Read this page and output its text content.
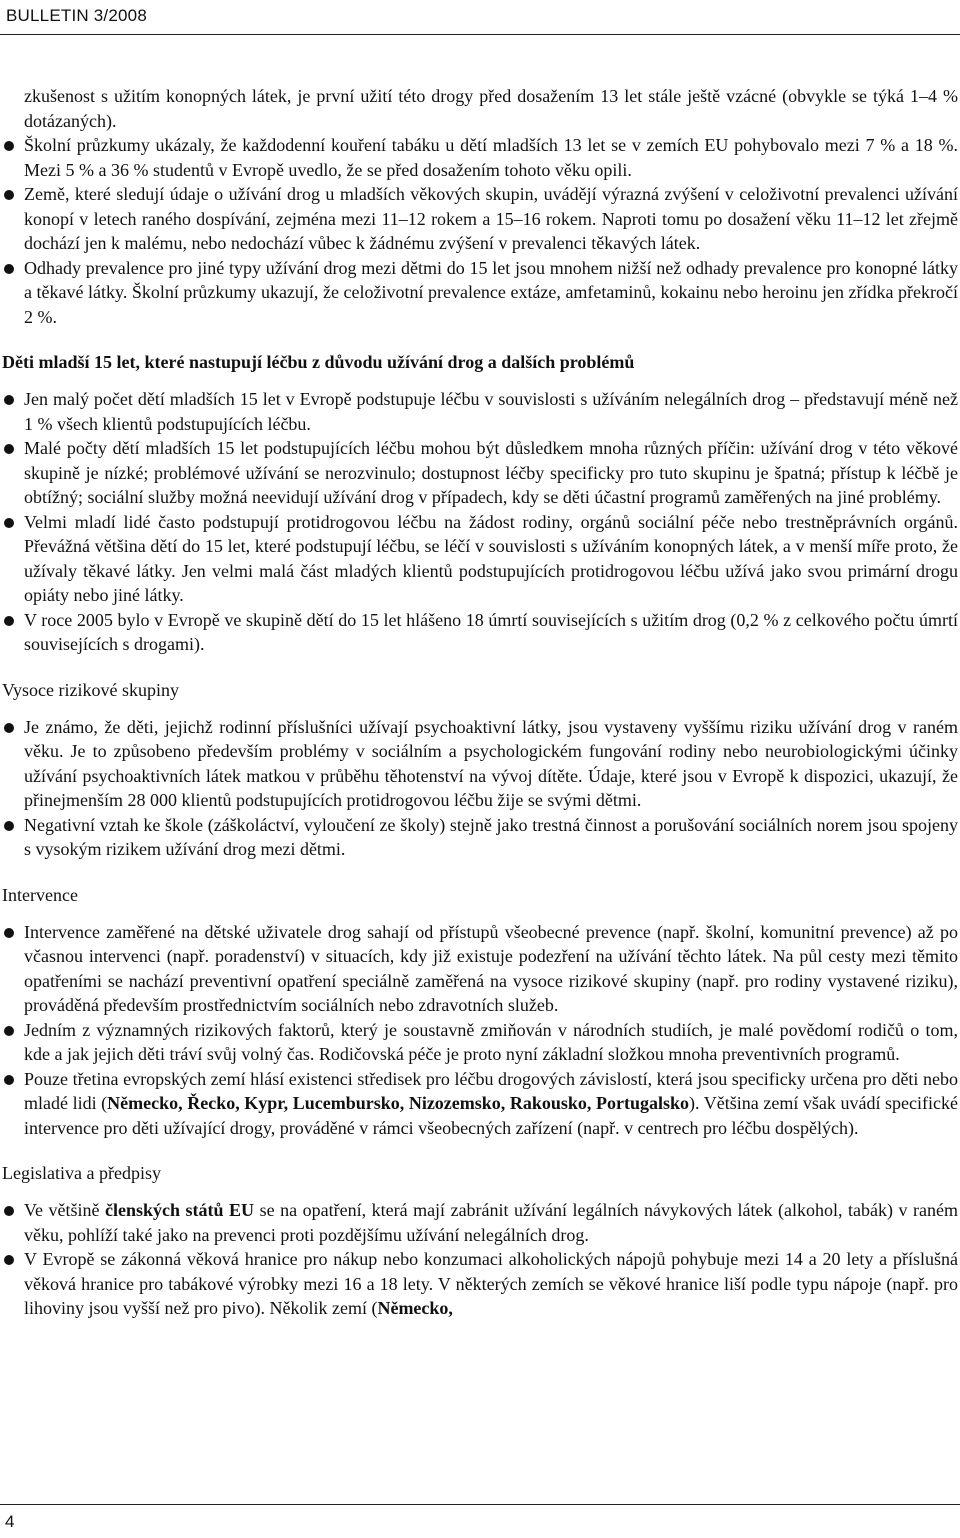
BULLETIN 3/2008

zkušenost s užitím konopných látek, je první užití této drogy před dosažením 13 let stále ještě vzácné (obvykle se týká 1–4 % dotázaných).

Školní průzkumy ukázaly, že každodenní kouření tabáku u dětí mladších 13 let se v zemích EU pohybovalo mezi 7 % a 18 %. Mezi 5 % a 36 % studentů v Evropě uvedlo, že se před dosažením tohoto věku opili.
Země, které sledují údaje o užívání drog u mladších věkových skupin, uvádějí výrazná zvýšení v celoživotní prevalenci užívání konopí v letech raného dospívání, zejména mezi 11–12 rokem a 15–16 rokem. Naproti tomu po dosažení věku 11–12 let zřejmě dochází jen k malému, nebo nedochází vůbec k žádnému zvýšení v prevalenci těkavých látek.
Odhady prevalence pro jiné typy užívání drog mezi dětmi do 15 let jsou mnohem nižší než odhady prevalence pro konopné látky a těkavé látky. Školní průzkumy ukazují, že celoživotní prevalence extáze, amfetaminů, kokainu nebo heroinu jen zřídka překročí 2 %.
Děti mladší 15 let, které nastupují léčbu z důvodu užívání drog a dalších problémů
Jen malý počet dětí mladších 15 let v Evropě podstupuje léčbu v souvislosti s užíváním nelegálních drog – představují méně než 1 % všech klientů podstupujících léčbu.
Malé počty dětí mladších 15 let podstupujících léčbu mohou být důsledkem mnoha různých příčin: užívání drog v této věkové skupině je nízké; problémové užívání se nerozvinulo; dostupnost léčby specificky pro tuto skupinu je špatná; přístup k léčbě je obtížný; sociální služby možná neevidují užívání drog v případech, kdy se děti účastní programů zaměřených na jiné problémy.
Velmi mladí lidé často podstupují protidrogovou léčbu na žádost rodiny, orgánů sociální péče nebo trestněprávních orgánů. Převážná většina dětí do 15 let, které podstupují léčbu, se léčí v souvislosti s užíváním konopných látek, a v menší míře proto, že užívaly těkavé látky. Jen velmi malá část mladých klientů podstupujících protidrogovou léčbu užívá jako svou primární drogu opiáty nebo jiné látky.
V roce 2005 bylo v Evropě ve skupině dětí do 15 let hlášeno 18 úmrtí souvisejících s užitím drog (0,2 % z celkového počtu úmrtí souvisejících s drogami).
Vysoce rizikové skupiny
Je známo, že děti, jejichž rodinní příslušníci užívají psychoaktivní látky, jsou vystaveny vyššímu riziku užívání drog v raném věku. Je to způsobeno především problémy v sociálním a psychologickém fungování rodiny nebo neurobiologickými účinky užívání psychoaktivních látek matkou v průběhu těhotenství na vývoj dítěte. Údaje, které jsou v Evropě k dispozici, ukazují, že přinejmenším 28 000 klientů podstupujících protidrogovou léčbu žije se svými dětmi.
Negativní vztah ke škole (záškoláctví, vyloučení ze školy) stejně jako trestná činnost a porušování sociálních norem jsou spojeny s vysokým rizikem užívání drog mezi dětmi.
Intervence
Intervence zaměřené na dětské uživatele drog sahají od přístupů všeobecné prevence (např. školní, komunitní prevence) až po včasnou intervenci (např. poradenství) v situacích, kdy již existuje podezření na užívání těchto látek. Na půl cesty mezi těmito opatřeními se nachází preventivní opatření speciálně zaměřená na vysoce rizikové skupiny (např. pro rodiny vystavené riziku), prováděná především prostřednictvím sociálních nebo zdravotních služeb.
Jedním z významných rizikových faktorů, který je soustavně zmiňován v národních studiích, je malé povědomí rodičů o tom, kde a jak jejich děti tráví svůj volný čas. Rodičovská péče je proto nyní základní složkou mnoha preventivních programů.
Pouze třetina evropských zemí hlásí existenci středisek pro léčbu drogových závislostí, která jsou specificky určena pro děti nebo mladé lidi (Německo, Řecko, Kypr, Lucembursko, Nizozemsko, Rakousko, Portugalsko). Většina zemí však uvádí specifické intervence pro děti užívající drogy, prováděné v rámci všeobecných zařízení (např. v centrech pro léčbu dospělých).
Legislativa a předpisy
Ve většině členských států EU se na opatření, která mají zabránit užívání legálních návykových látek (alkohol, tabák) v raném věku, pohlíží také jako na prevenci proti pozdějšímu užívání nelegálních drog.
V Evropě se zákonná věková hranice pro nákup nebo konzumaci alkoholických nápojů pohybuje mezi 14 a 20 lety a příslušná věková hranice pro tabákové výrobky mezi 16 a 18 lety. V některých zemích se věkové hranice liší podle typu nápoje (např. pro lihoviny jsou vyšší než pro pivo). Několik zemí (Německo,
4
